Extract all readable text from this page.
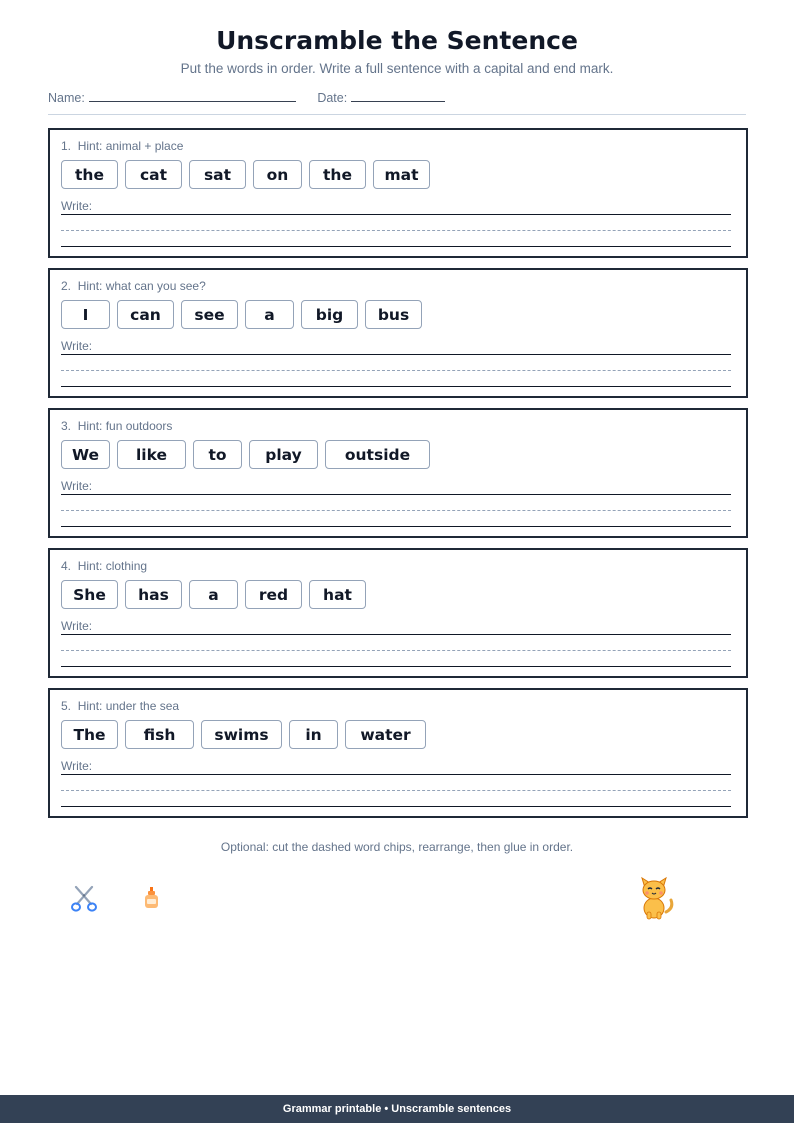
Unscramble the Sentence
Put the words in order. Write a full sentence with a capital and end mark.
Name:	Date:
1. Hint: animal + place
the	cat	sat	on	the	mat
Write:
2. Hint: what can you see?
I	can	see	a	big	bus
Write:
3. Hint: fun outdoors
We	like	to	play	outside
Write:
4. Hint: clothing
She	has	a	red	hat
Write:
5. Hint: under the sea
The	fish	swims	in	water
Write:
Optional: cut the dashed word chips, rearrange, then glue in order.
Grammar printable • Unscramble sentences
